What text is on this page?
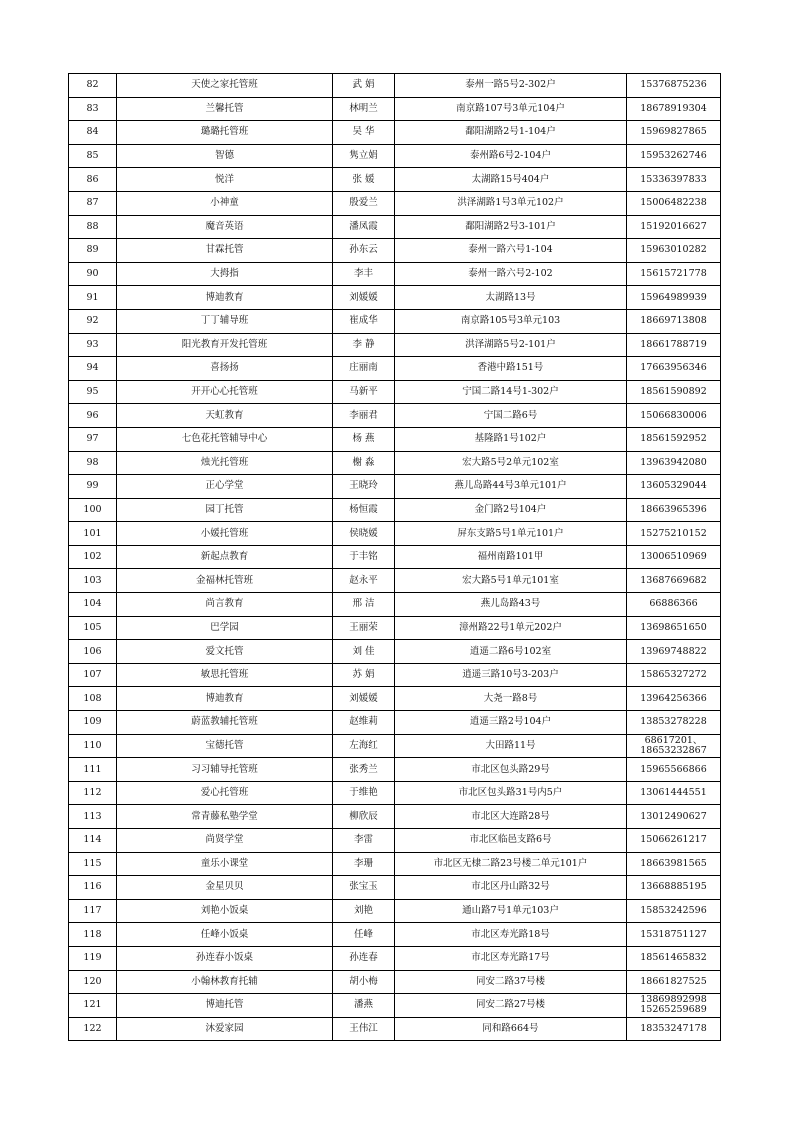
82	天使之家托管班	武 娟	泰州一路5号2-302户	15376875236

83	兰馨托管	林明兰	南京路107号3单元104户	18678919304

84	璐璐托管班	吴 华	鄱阳湖路2号1-104户	15969827865

85	智德	隽立娟	泰州路6号2-104户	15953262746

86	悦洋	张 媛	太湖路15号404户	15336397833

87	小神童	殷爱兰	洪泽湖路1号3单元102户	15006482238

88	魔音英语	潘凤霞	鄱阳湖路2号3-101户	15192016627

89	甘霖托管	孙东云	泰州一路六号1-104	15963010282

90	大拇指	李丰	泰州一路六号2-102	15615721778

91	博迪教育	刘媛媛	太湖路13号	15964989939

92	丁丁辅导班	崔成华	南京路105号3单元103	18669713808

93	阳光教育开发托管班	李 静	洪泽湖路5号2-101户	18661788719

94	喜扬扬	庄丽南	香港中路151号	17663956346

95	开开心心托管班	马新平	宁国二路14号1-302户	18561590892

96	天虹教育	李丽君	宁国二路6号	15066830006

97	七色花托管辅导中心	杨 燕	基隆路1号102户	18561592952

98	烛光托管班	榭 淼	宏大路5号2单元102室	13963942080

99	正心学堂	王晓玲	燕儿岛路44号3单元101户	13605329044

100	园丁托管	杨恒霞	金门路2号104户	18663965396

101	小媛托管班	侯晓媛	屏东支路5号1单元101户	15275210152

102	新起点教育	于丰铭	福州南路101甲	13006510969

103	金福林托管班	赵永平	宏大路5号1单元101室	13687669682

104	尚言教育	邢 洁	燕儿岛路43号	66886366

105	巴学园	王丽荣	漳州路22号1单元202户	13698651650

106	爱文托管	刘 佳	逍遥二路6号102室	13969748822

107	敏思托管班	苏 娟	逍遥三路10号3-203户	15865327272

108	博迪教育	刘媛媛	大尧一路8号	13964256366

109	蔚蓝教辅托管班	赵维莉	逍遥三路2号104户	13853278228

110	宝德托管	左海红	大田路11号	68617201、
18653232867

111	习习辅导托管班	张秀兰	市北区包头路29号	15965566866

112	爱心托管班	于维艳	市北区包头路31号内5户	13061444551

113	常青藤私塾学堂	柳欣辰	市北区大连路28号	13012490627

114	尚贤学堂	李雷	市北区临邑支路6号	15066261217

115	童乐小课堂	李珊	市北区无棣二路23号楼二单元101户	18663981565

116	金星贝贝	张宝玉	市北区丹山路32号	13668885195

117	刘艳小饭桌	刘艳	通山路7号1单元103户	15853242596

118	任峰小饭桌	任峰	市北区寿光路18号	15318751127

119	孙连春小饭桌	孙连春	市北区寿光路17号	18561465832

120	小翰林教育托辅	胡小梅	同安二路37号楼	18661827525

121	博迪托管	潘燕	同安二路27号楼	13869892998
15265259689

122	沐爱家园	王伟江	同和路664号	18353247178
